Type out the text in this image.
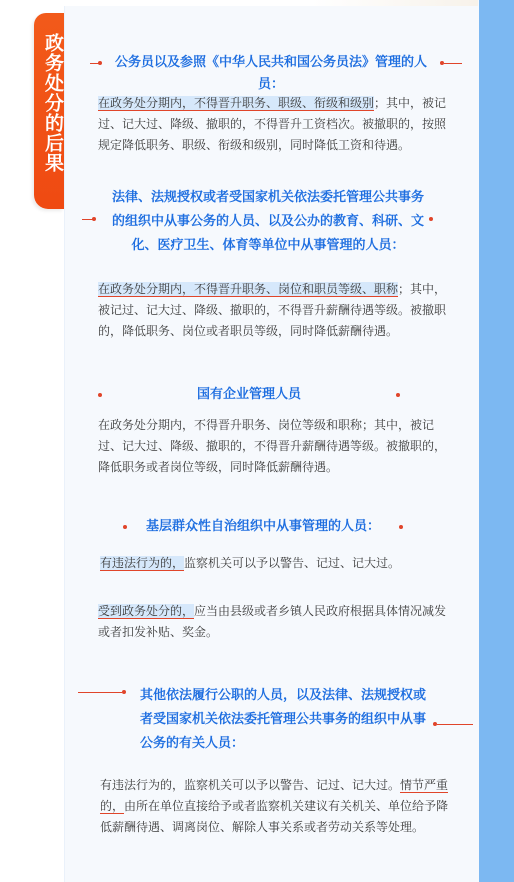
政务处分的后果	公务员以及参照《中华人民共和国公务员法》管理的人员：
在政务处分期内，不得晋升职务、职级、衔级和级别；其中，被记过、记大过、降级、撤职的，不得晋升工资档次。被撤职的，按照规定降低职务、职级、衔级和级别，同时降低工资和待遇。
法律、法规授权或者受国家机关依法委托管理公共事务的组织中从事公务的人员、以及公办的教育、科研、文化、医疗卫生、体育等单位中从事管理的人员：
在政务处分期内，不得晋升职务、岗位和职员等级、职称；其中，被记过、记大过、降级、撤职的，不得晋升薪酬待遇等级。被撤职的，降低职务、岗位或者职员等级，同时降低薪酬待遇。
国有企业管理人员
在政务处分期内，不得晋升职务、岗位等级和职称；其中，被记过、记大过、降级、撤职的，不得晋升薪酬待遇等级。被撤职的，降低职务或者岗位等级，同时降低薪酬待遇。
基层群众性自治组织中从事管理的人员：
有违法行为的，监察机关可以予以警告、记过、记大过。
受到政务处分的，应当由县级或者乡镇人民政府根据具体情况减发或者扣发补贴、奖金。
其他依法履行公职的人员，以及法律、法规授权或者受国家机关依法委托管理公共事务的组织中从事公务的有关人员：
有违法行为的，监察机关可以予以警告、记过、记大过。情节严重的，由所在单位直接给予或者监察机关建议有关机关、单位给予降低薪酬待遇、调离岗位、解除人事关系或者劳动关系等处理。
